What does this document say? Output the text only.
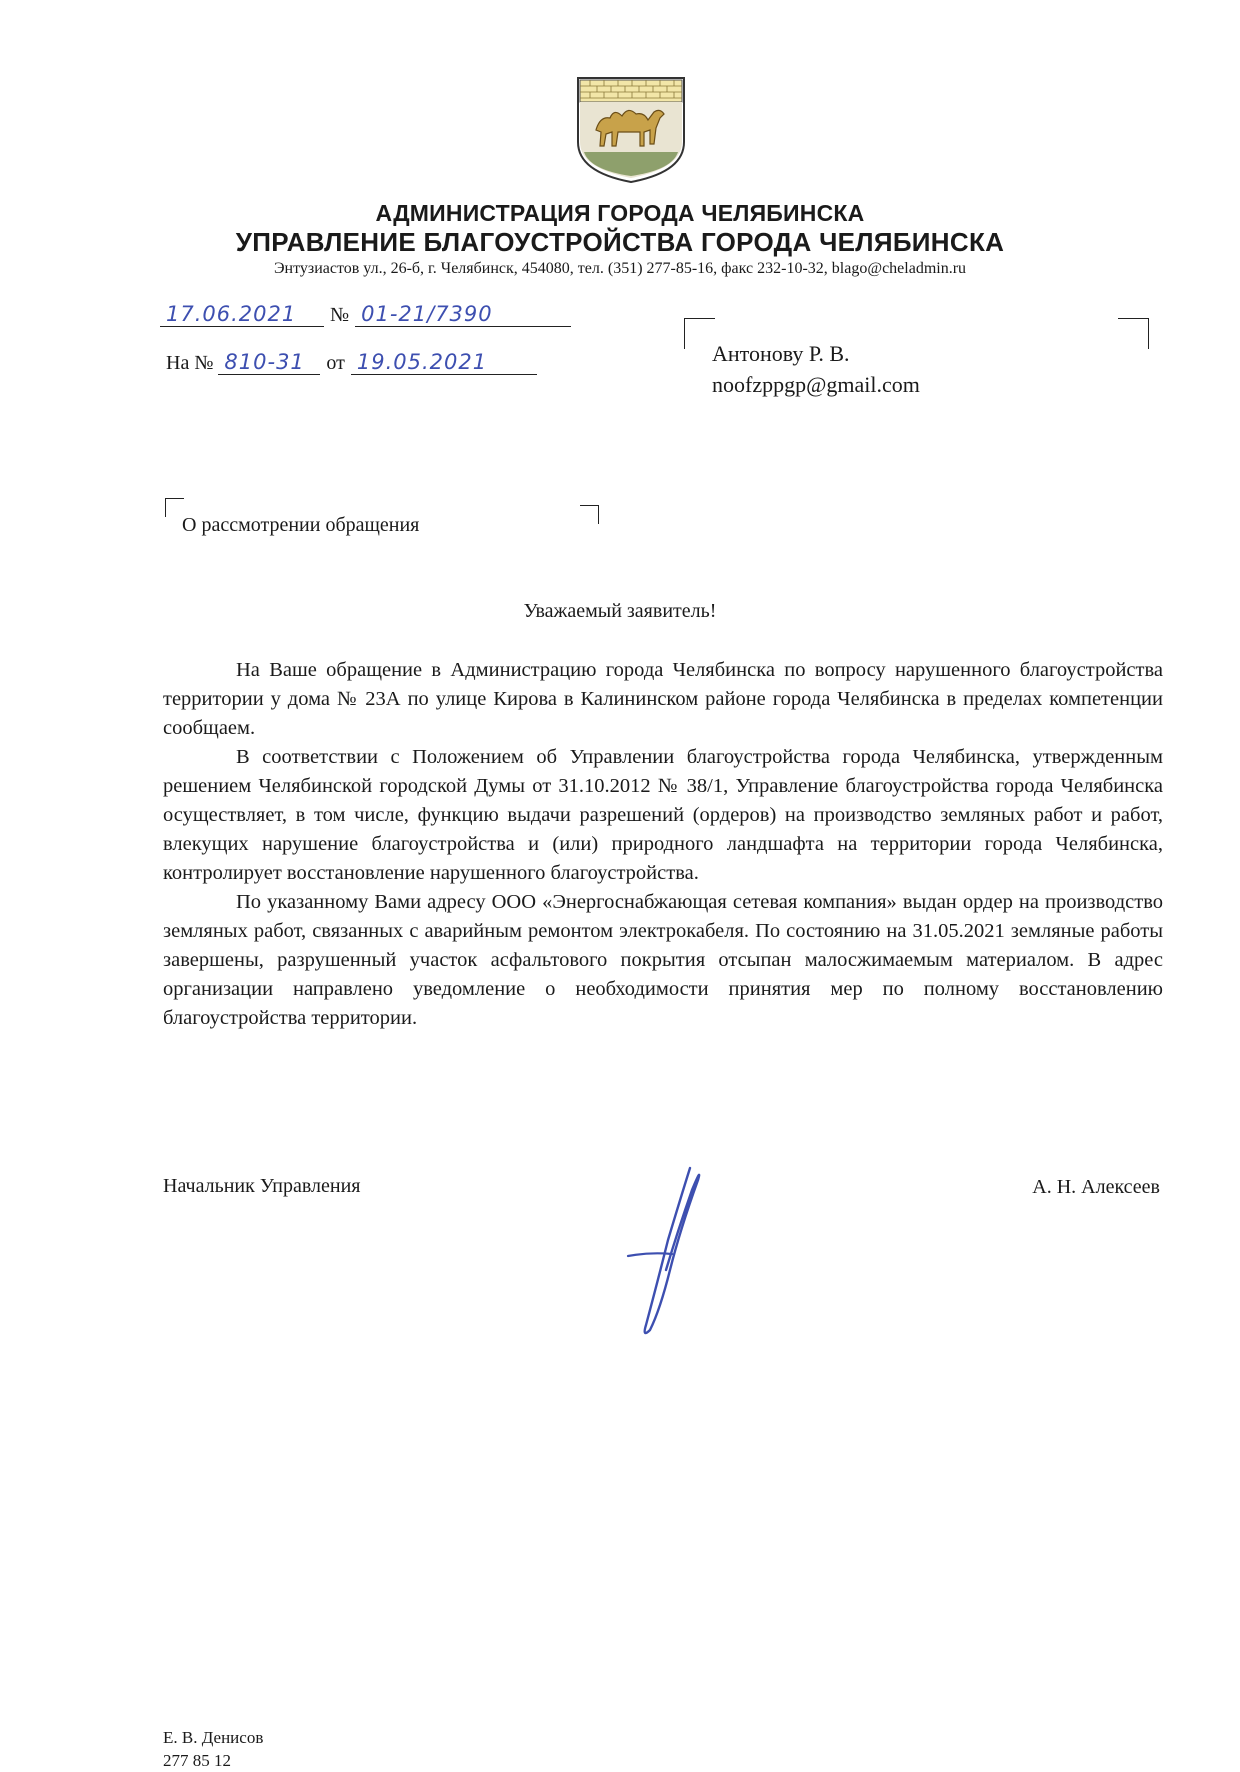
АДМИНИСТРАЦИЯ ГОРОДА ЧЕЛЯБИНСКА
УПРАВЛЕНИЕ БЛАГОУСТРОЙСТВА ГОРОДА ЧЕЛЯБИНСКА
Энтузиастов ул., 26-б, г. Челябинск, 454080, тел. (351) 277-85-16, факс 232-10-32, blago@cheladmin.ru
17.06.2021 № 01-21/7390
На № 810-31 от 19.05.2021	Антонову Р. В.
noofzppgp@gmail.com
О рассмотрении обращения
Уважаемый заявитель!

На Ваше обращение в Администрацию города Челябинска по вопросу нарушенного благоустройства территории у дома № 23А по улице Кирова в Калининском районе города Челябинска в пределах компетенции сообщаем.

В соответствии с Положением об Управлении благоустройства города Челябинска, утвержденным решением Челябинской городской Думы от 31.10.2012 № 38/1, Управление благоустройства города Челябинска осуществляет, в том числе, функцию выдачи разрешений (ордеров) на производство земляных работ и работ, влекущих нарушение благоустройства и (или) природного ландшафта на территории города Челябинска, контролирует восстановление нарушенного благоустройства.

По указанному Вами адресу ООО «Энергоснабжающая сетевая компания» выдан ордер на производство земляных работ, связанных с аварийным ремонтом электрокабеля. По состоянию на 31.05.2021 земляные работы завершены, разрушенный участок асфальтового покрытия отсыпан малосжимаемым материалом. В адрес организации направлено уведомление о необходимости принятия мер по полному восстановлению благоустройства территории.

Начальник Управления	А. Н. Алексеев
Е. В. Денисов
277 85 12
